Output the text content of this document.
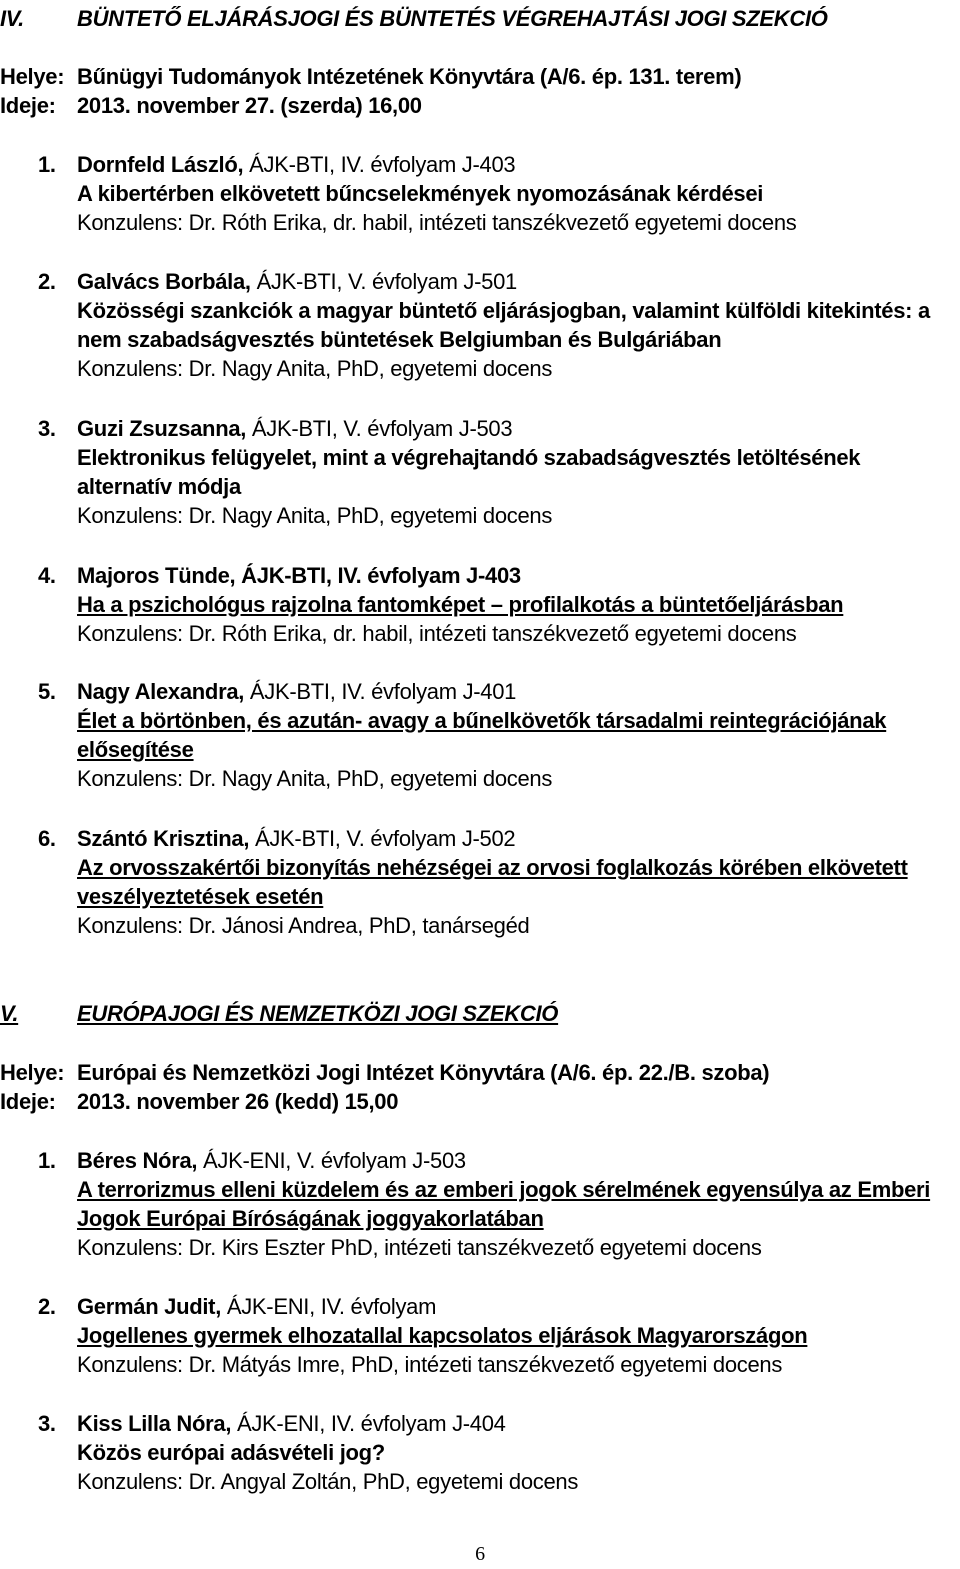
IV. BÜNTETŐ ELJÁRÁSJOGI ÉS BÜNTETÉS VÉGREHAJTÁSI JOGI SZEKCIÓ
Helye: Bűnügyi Tudományok Intézetének Könyvtára (A/6. ép. 131. terem)
Ideje: 2013. november 27. (szerda) 16,00
1. Dornfeld László, ÁJK-BTI, IV. évfolyam J-403
A kibertérben elkövetett bűncselekmények nyomozásának kérdései
Konzulens: Dr. Róth Erika, dr. habil, intézeti tanszékvezető egyetemi docens
2. Galvács Borbála, ÁJK-BTI, V. évfolyam J-501
Közösségi szankciók a magyar büntető eljárásjogban, valamint külföldi kitekintés: a nem szabadságvesztés büntetések Belgiumban és Bulgáriában
Konzulens: Dr. Nagy Anita, PhD, egyetemi docens
3. Guzi Zsuzsanna, ÁJK-BTI, V. évfolyam J-503
Elektronikus felügyelet, mint a végrehajtandó szabadságvesztés letöltésének alternatív módja
Konzulens: Dr. Nagy Anita, PhD, egyetemi docens
4. Majoros Tünde, ÁJK-BTI, IV. évfolyam J-403
Ha a pszichológus rajzolna fantomképet – profilalkotás a büntetőeljárásban
Konzulens: Dr. Róth Erika, dr. habil, intézeti tanszékvezető egyetemi docens
5. Nagy Alexandra, ÁJK-BTI, IV. évfolyam J-401
Élet a börtönben, és azután- avagy a bűnelkövetők társadalmi reintegrációjának elősegítése
Konzulens: Dr. Nagy Anita, PhD, egyetemi docens
6. Szántó Krisztina, ÁJK-BTI, V. évfolyam J-502
Az orvosszakértői bizonyítás nehézségei az orvosi foglalkozás körében elkövetett veszélyeztetések esetén
Konzulens: Dr. Jánosi Andrea, PhD, tanársegéd
V.	EURÓPAJOGI ÉS NEMZETKÖZI JOGI SZEKCIÓ
Helye: Európai és Nemzetközi Jogi Intézet Könyvtára (A/6. ép. 22./B. szoba)
Ideje: 2013. november 26 (kedd) 15,00
1. Béres Nóra, ÁJK-ENI, V. évfolyam J-503
A terrorizmus elleni küzdelem és az emberi jogok sérelmének egyensúlya az Emberi Jogok Európai Bíróságának joggyakorlatában
Konzulens: Dr. Kirs Eszter PhD, intézeti tanszékvezető egyetemi docens
2. Germán Judit, ÁJK-ENI, IV. évfolyam
Jogellenes gyermek elhozatallal kapcsolatos eljárások Magyarországon
Konzulens: Dr. Mátyás Imre, PhD, intézeti tanszékvezető egyetemi docens
3. Kiss Lilla Nóra, ÁJK-ENI, IV. évfolyam J-404
Közös európai adásvételi jog?
Konzulens: Dr. Angyal Zoltán, PhD, egyetemi docens
6
